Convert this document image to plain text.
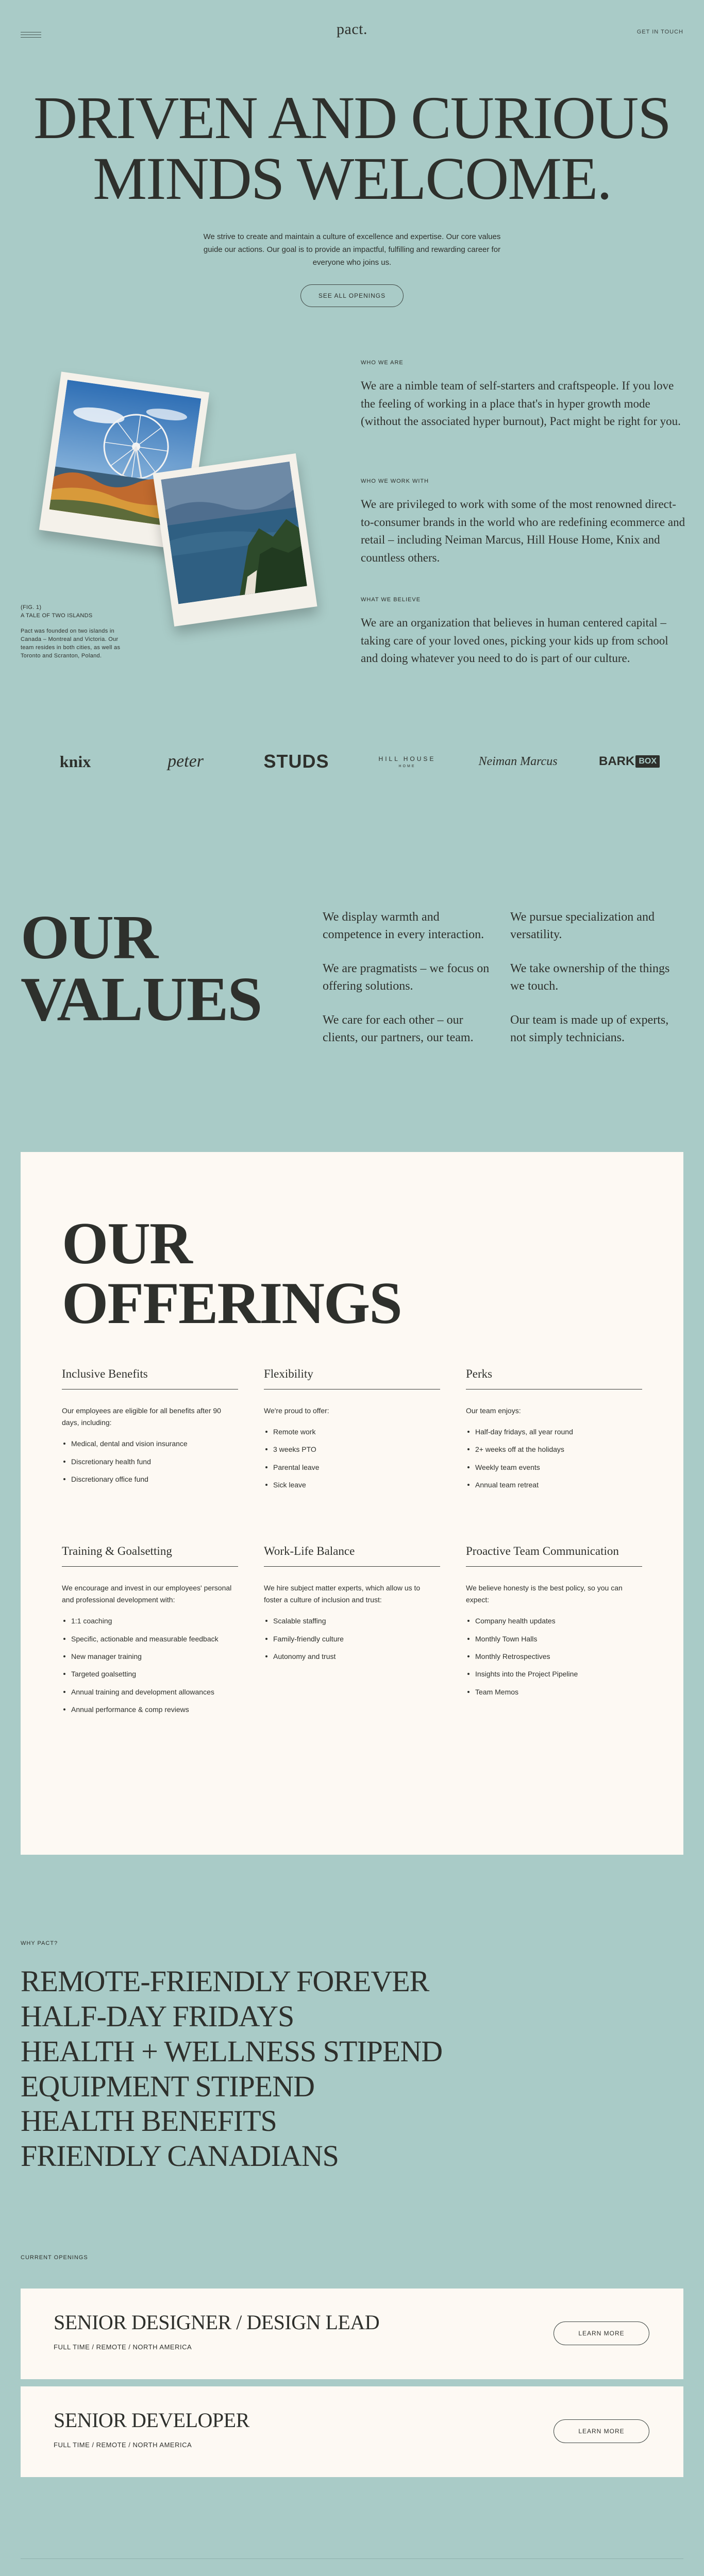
pact.	GET IN TOUCH
DRIVEN AND CURIOUS
MINDS WELCOME.

We strive to create and maintain a culture of excellence and expertise. Our core values guide our actions. Our goal is to provide an impactful, fulfilling and rewarding career for everyone who joins us.

SEE ALL OPENINGS
(FIG. 1)
A TALE OF TWO ISLANDS
Pact was founded on two islands in Canada – Montreal and Victoria. Our team resides in both cities, as well as Toronto and Scranton, Poland.
WHO WE ARE

We are a nimble team of self-starters and craftspeople. If you love the feeling of working in a place that's in hyper growth mode (without the associated hyper burnout), Pact might be right for you.

WHO WE WORK WITH

We are privileged to work with some of the most renowned direct-to-consumer brands in the world who are redefining ecommerce and retail – including Neiman Marcus, Hill House Home, Knix and countless others.

WHAT WE BELIEVE

We are an organization that believes in human centered capital – taking care of your loved ones, picking your kids up from school and doing whatever you need to do is part of our culture.

knix	peter	STUDS	HILL HOUSE
HOME	Neiman Marcus	BARK BOX
OUR
VALUES

We display warmth and competence in every interaction.

We pursue specialization and versatility.

We are pragmatists – we focus on offering solutions.

We take ownership of the things we touch.

We care for each other – our clients, our partners, our team.

Our team is made up of experts, not simply technicians.

OUR
OFFERINGS
Inclusive Benefits

Our employees are eligible for all benefits after 90 days, including:

Medical, dental and vision insurance
Discretionary health fund
Discretionary office fund
Flexibility

We're proud to offer:

Remote work
3 weeks PTO
Parental leave
Sick leave
Perks

Our team enjoys:

Half-day fridays, all year round
2+ weeks off at the holidays
Weekly team events
Annual team retreat
Training & Goalsetting

We encourage and invest in our employees' personal and professional development with:

1:1 coaching
Specific, actionable and measurable feedback
New manager training
Targeted goalsetting
Annual training and development allowances
Annual performance & comp reviews
Work-Life Balance

We hire subject matter experts, which allow us to foster a culture of inclusion and trust:

Scalable staffing
Family-friendly culture
Autonomy and trust
Proactive Team Communication

We believe honesty is the best policy, so you can expect:

Company health updates
Monthly Town Halls
Monthly Retrospectives
Insights into the Project Pipeline
Team Memos
WHY PACT?
REMOTE-FRIENDLY FOREVER
HALF-DAY FRIDAYS
HEALTH + WELLNESS STIPEND
EQUIPMENT STIPEND
HEALTH BENEFITS
FRIENDLY CANADIANS
CURRENT OPENINGS
SENIOR DESIGNER / DESIGN LEAD
FULL TIME / REMOTE / NORTH AMERICA
LEARN MORE
SENIOR DEVELOPER
FULL TIME / REMOTE / NORTH AMERICA
LEARN MORE
